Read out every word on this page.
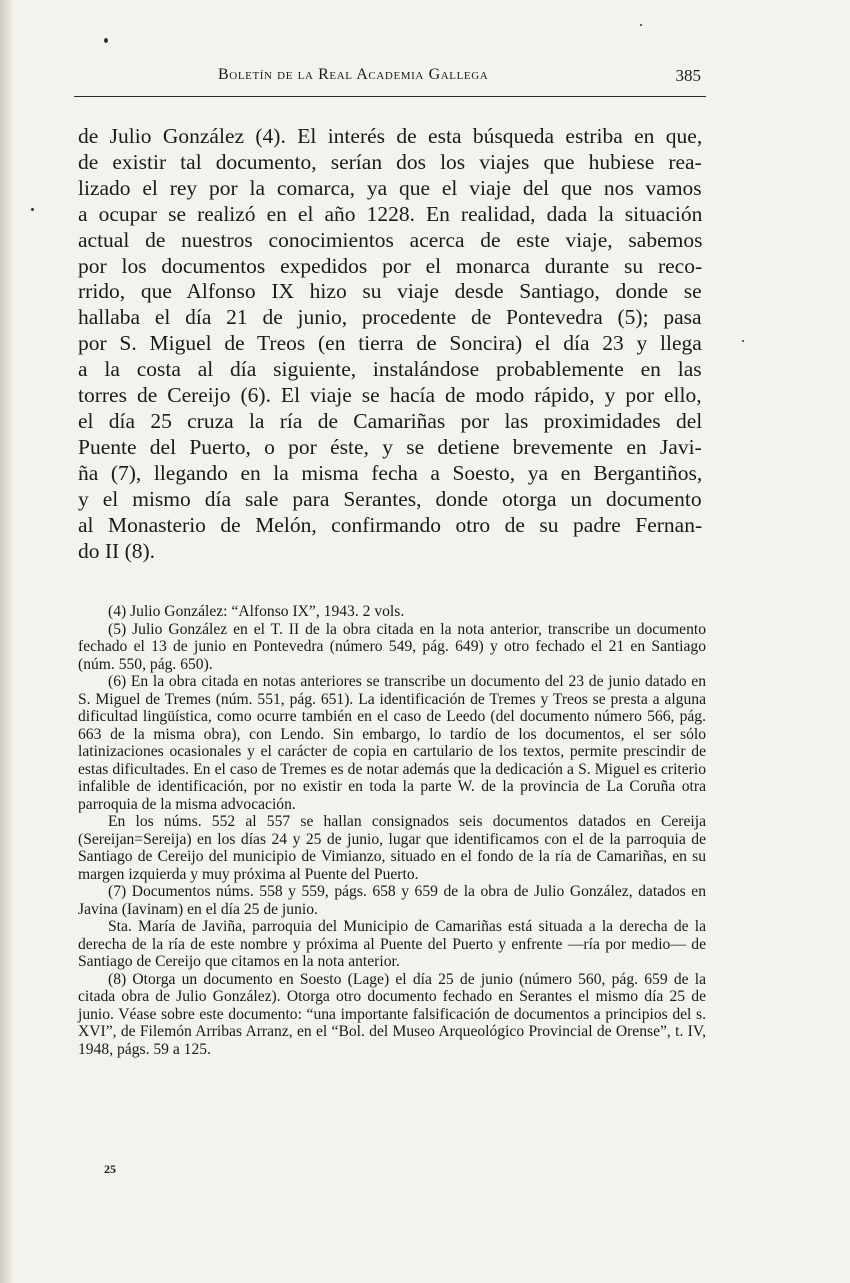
Boletín de la Real Academia Gallega	385

de Julio González (4). El interés de esta búsqueda estriba en que,

de existir tal documento, serían dos los viajes que hubiese rea-

lizado el rey por la comarca, ya que el viaje del que nos vamos

a ocupar se realizó en el año 1228. En realidad, dada la situación

actual de nuestros conocimientos acerca de este viaje, sabemos

por los documentos expedidos por el monarca durante su reco-

rrido, que Alfonso IX hizo su viaje desde Santiago, donde se

hallaba el día 21 de junio, procedente de Pontevedra (5); pasa

por S. Miguel de Treos (en tierra de Soncira) el día 23 y llega

a la costa al día siguiente, instalándose probablemente en las

torres de Cereijo (6). El viaje se hacía de modo rápido, y por ello,

el día 25 cruza la ría de Camariñas por las proximidades del

Puente del Puerto, o por éste, y se detiene brevemente en Javi-

ña (7), llegando en la misma fecha a Soesto, ya en Bergantiños,

y el mismo día sale para Serantes, donde otorga un documento

al Monasterio de Melón, confirmando otro de su padre Fernan-

do II (8).

(4) Julio González: “Alfonso IX”, 1943. 2 vols.

(5) Julio González en el T. II de la obra citada en la nota anterior, transcribe un documento fechado el 13 de junio en Pontevedra (número 549, pág. 649) y otro fechado el 21 en Santiago (núm. 550, pág. 650).

(6) En la obra citada en notas anteriores se transcribe un documento del 23 de junio datado en S. Miguel de Tremes (núm. 551, pág. 651). La identificación de Tremes y Treos se presta a alguna dificultad lingüística, como ocurre también en el caso de Leedo (del documento número 566, pág. 663 de la misma obra), con Lendo. Sin embargo, lo tardío de los documentos, el ser sólo latinizaciones ocasionales y el carácter de copia en cartulario de los textos, permite prescindir de estas dificultades. En el caso de Tremes es de notar además que la dedicación a S. Miguel es criterio infalible de identificación, por no existir en toda la parte W. de la provincia de La Coruña otra parroquia de la misma advocación.

En los núms. 552 al 557 se hallan consignados seis documentos datados en Cereija (Sereijan=Sereija) en los días 24 y 25 de junio, lugar que identificamos con el de la parroquia de Santiago de Cereijo del municipio de Vimianzo, situado en el fondo de la ría de Camariñas, en su margen izquierda y muy próxima al Puente del Puerto.

(7) Documentos núms. 558 y 559, págs. 658 y 659 de la obra de Julio González, datados en Javina (Iavinam) en el día 25 de junio.

Sta. María de Javiña, parroquia del Municipio de Camariñas está situada a la derecha de la derecha de la ría de este nombre y próxima al Puente del Puerto y enfrente —ría por medio— de Santiago de Cereijo que citamos en la nota anterior.

(8) Otorga un documento en Soesto (Lage) el día 25 de junio (número 560, pág. 659 de la citada obra de Julio González). Otorga otro documento fechado en Serantes el mismo día 25 de junio. Véase sobre este documento: “una importante falsificación de documentos a principios del s. XVI”, de Filemón Arribas Arranz, en el “Bol. del Museo Arqueológico Provincial de Orense”, t. IV, 1948, págs. 59 a 125.

25
